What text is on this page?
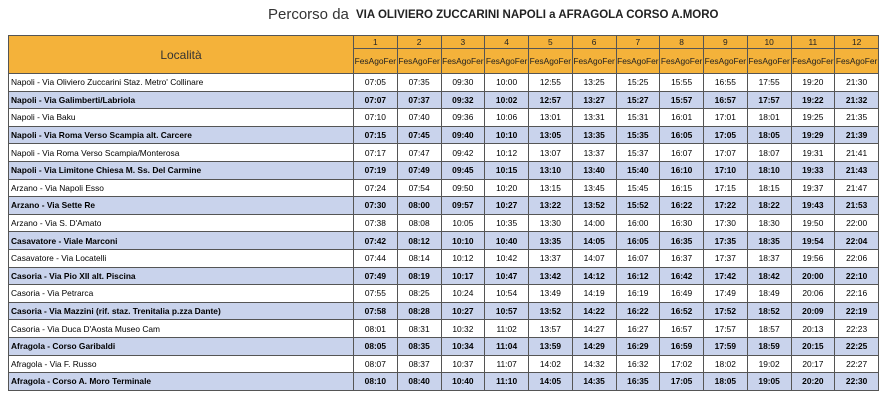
Percorso da VIA OLIVIERO ZUCCARINI NAPOLI a AFRAGOLA CORSO A.MORO
Località	1	2	3	4	5	6	7	8	9	10	11	12
	FesAgoFer	FesAgoFer	FesAgoFer	FesAgoFer	FesAgoFer	FesAgoFer	FesAgoFer	FesAgoFer	FesAgoFer	FesAgoFer	FesAgoFer	FesAgoFer
Napoli - Via Oliviero Zuccarini Staz. Metro' Collinare	07:05	07:35	09:30	10:00	12:55	13:25	15:25	15:55	16:55	17:55	19:20	21:30
Napoli - Via Galimberti/Labriola	07:07	07:37	09:32	10:02	12:57	13:27	15:27	15:57	16:57	17:57	19:22	21:32
Napoli - Via Baku	07:10	07:40	09:36	10:06	13:01	13:31	15:31	16:01	17:01	18:01	19:25	21:35
Napoli - Via Roma Verso Scampia alt. Carcere	07:15	07:45	09:40	10:10	13:05	13:35	15:35	16:05	17:05	18:05	19:29	21:39
Napoli - Via Roma Verso Scampia/Monterosa	07:17	07:47	09:42	10:12	13:07	13:37	15:37	16:07	17:07	18:07	19:31	21:41
Napoli - Via Limitone Chiesa M. Ss. Del Carmine	07:19	07:49	09:45	10:15	13:10	13:40	15:40	16:10	17:10	18:10	19:33	21:43
Arzano - Via Napoli Esso	07:24	07:54	09:50	10:20	13:15	13:45	15:45	16:15	17:15	18:15	19:37	21:47
Arzano - Via Sette Re	07:30	08:00	09:57	10:27	13:22	13:52	15:52	16:22	17:22	18:22	19:43	21:53
Arzano - Via S. D'Amato	07:38	08:08	10:05	10:35	13:30	14:00	16:00	16:30	17:30	18:30	19:50	22:00
Casavatore - Viale Marconi	07:42	08:12	10:10	10:40	13:35	14:05	16:05	16:35	17:35	18:35	19:54	22:04
Casavatore - Via Locatelli	07:44	08:14	10:12	10:42	13:37	14:07	16:07	16:37	17:37	18:37	19:56	22:06
Casoria - Via Pio XII alt. Piscina	07:49	08:19	10:17	10:47	13:42	14:12	16:12	16:42	17:42	18:42	20:00	22:10
Casoria - Via Petrarca	07:55	08:25	10:24	10:54	13:49	14:19	16:19	16:49	17:49	18:49	20:06	22:16
Casoria - Via Mazzini (rif. staz. Trenitalia p.zza Dante)	07:58	08:28	10:27	10:57	13:52	14:22	16:22	16:52	17:52	18:52	20:09	22:19
Casoria - Via Duca D'Aosta Museo Cam	08:01	08:31	10:32	11:02	13:57	14:27	16:27	16:57	17:57	18:57	20:13	22:23
Afragola - Corso Garibaldi	08:05	08:35	10:34	11:04	13:59	14:29	16:29	16:59	17:59	18:59	20:15	22:25
Afragola - Via F. Russo	08:07	08:37	10:37	11:07	14:02	14:32	16:32	17:02	18:02	19:02	20:17	22:27
Afragola - Corso A. Moro Terminale	08:10	08:40	10:40	11:10	14:05	14:35	16:35	17:05	18:05	19:05	20:20	22:30
